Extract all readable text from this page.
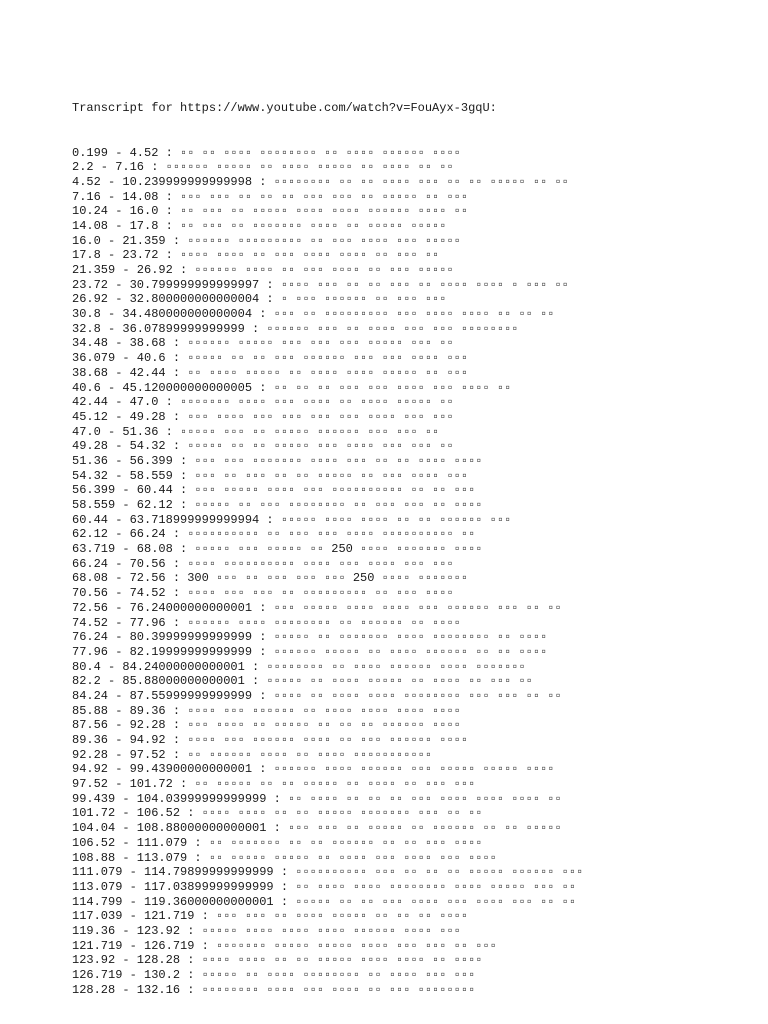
Transcript for https://www.youtube.com/watch?v=FouAyx-3gqU:

0.199 - 4.52 : ▫▫ ▫▫ ▫▫▫▫ ▫▫▫▫▫▫▫▫ ▫▫ ▫▫▫▫ ▫▫▫▫▫▫ ▫▫▫▫
2.2 - 7.16 : ▫▫▫▫▫▫ ▫▫▫▫▫ ▫▫ ▫▫▫▫ ▫▫▫▫▫ ▫▫ ▫▫▫▫ ▫▫ ▫▫
4.52 - 10.239999999999998 : ▫▫▫▫▫▫▫▫ ▫▫ ▫▫ ▫▫▫▫ ▫▫▫ ▫▫ ▫▫ ▫▫▫▫▫ ▫▫ ▫▫
7.16 - 14.08 : ▫▫▫ ▫▫▫ ▫▫ ▫▫ ▫▫ ▫▫▫ ▫▫▫ ▫▫ ▫▫▫▫▫ ▫▫ ▫▫▫
10.24 - 16.0 : ▫▫ ▫▫▫ ▫▫ ▫▫▫▫▫ ▫▫▫▫ ▫▫▫▫ ▫▫▫▫▫▫ ▫▫▫▫ ▫▫
14.08 - 17.8 : ▫▫ ▫▫▫ ▫▫ ▫▫▫▫▫▫▫ ▫▫▫▫ ▫▫ ▫▫▫▫▫ ▫▫▫▫▫
16.0 - 21.359 : ▫▫▫▫▫▫ ▫▫▫▫▫▫▫▫▫ ▫▫ ▫▫▫ ▫▫▫▫ ▫▫▫ ▫▫▫▫▫
17.8 - 23.72 : ▫▫▫▫ ▫▫▫▫ ▫▫ ▫▫▫ ▫▫▫▫ ▫▫▫▫ ▫▫ ▫▫▫ ▫▫
21.359 - 26.92 : ▫▫▫▫▫▫ ▫▫▫▫ ▫▫ ▫▫▫ ▫▫▫▫ ▫▫ ▫▫▫ ▫▫▫▫▫
23.72 - 30.799999999999997 : ▫▫▫▫ ▫▫▫ ▫▫ ▫▫ ▫▫▫ ▫▫ ▫▫▫▫ ▫▫▫▫ ▫ ▫▫▫ ▫▫
26.92 - 32.800000000000004 : ▫ ▫▫▫ ▫▫▫▫▫▫ ▫▫ ▫▫▫ ▫▫▫
30.8 - 34.480000000000004 : ▫▫▫ ▫▫ ▫▫▫▫▫▫▫▫▫ ▫▫▫ ▫▫▫▫ ▫▫▫▫ ▫▫ ▫▫ ▫▫
32.8 - 36.07899999999999 : ▫▫▫▫▫▫ ▫▫▫ ▫▫ ▫▫▫▫ ▫▫▫ ▫▫▫ ▫▫▫▫▫▫▫▫
34.48 - 38.68 : ▫▫▫▫▫▫ ▫▫▫▫▫ ▫▫▫ ▫▫▫ ▫▫▫ ▫▫▫▫▫ ▫▫▫ ▫▫
36.079 - 40.6 : ▫▫▫▫▫ ▫▫ ▫▫ ▫▫▫ ▫▫▫▫▫▫ ▫▫▫ ▫▫▫ ▫▫▫▫ ▫▫▫
38.68 - 42.44 : ▫▫ ▫▫▫▫ ▫▫▫▫▫ ▫▫ ▫▫▫▫ ▫▫▫▫ ▫▫▫▫▫ ▫▫ ▫▫▫
40.6 - 45.120000000000005 : ▫▫ ▫▫ ▫▫ ▫▫▫ ▫▫▫ ▫▫▫▫ ▫▫▫ ▫▫▫▫ ▫▫
42.44 - 47.0 : ▫▫▫▫▫▫▫ ▫▫▫▫ ▫▫▫ ▫▫▫▫ ▫▫ ▫▫▫▫ ▫▫▫▫▫ ▫▫
45.12 - 49.28 : ▫▫▫ ▫▫▫▫ ▫▫▫ ▫▫▫ ▫▫▫ ▫▫▫ ▫▫▫▫ ▫▫▫ ▫▫▫
47.0 - 51.36 : ▫▫▫▫▫ ▫▫▫ ▫▫ ▫▫▫▫▫ ▫▫▫▫▫▫ ▫▫▫ ▫▫▫ ▫▫
49.28 - 54.32 : ▫▫▫▫▫ ▫▫ ▫▫ ▫▫▫▫▫ ▫▫▫ ▫▫▫▫ ▫▫▫ ▫▫▫ ▫▫
51.36 - 56.399 : ▫▫▫ ▫▫▫ ▫▫▫▫▫▫▫ ▫▫▫▫ ▫▫▫ ▫▫ ▫▫ ▫▫▫▫ ▫▫▫▫
54.32 - 58.559 : ▫▫▫ ▫▫ ▫▫▫ ▫▫ ▫▫ ▫▫▫▫▫ ▫▫ ▫▫▫ ▫▫▫▫ ▫▫▫
56.399 - 60.44 : ▫▫▫ ▫▫▫▫▫ ▫▫▫▫ ▫▫▫ ▫▫▫▫▫▫▫▫▫▫ ▫▫ ▫▫ ▫▫▫
58.559 - 62.12 : ▫▫▫▫▫ ▫▫ ▫▫▫ ▫▫▫▫▫▫▫▫ ▫▫ ▫▫▫ ▫▫▫ ▫▫ ▫▫▫▫
60.44 - 63.718999999999994 : ▫▫▫▫▫ ▫▫▫▫ ▫▫▫▫ ▫▫ ▫▫ ▫▫▫▫▫▫ ▫▫▫
62.12 - 66.24 : ▫▫▫▫▫▫▫▫▫▫ ▫▫ ▫▫▫ ▫▫▫ ▫▫▫▫ ▫▫▫▫▫▫▫▫▫▫ ▫▫
63.719 - 68.08 : ▫▫▫▫▫ ▫▫▫ ▫▫▫▫▫ ▫▫ 250 ▫▫▫▫ ▫▫▫▫▫▫▫ ▫▫▫▫
66.24 - 70.56 : ▫▫▫▫ ▫▫▫▫▫▫▫▫▫▫ ▫▫▫▫ ▫▫▫ ▫▫▫▫ ▫▫▫ ▫▫▫
68.08 - 72.56 : 300 ▫▫▫ ▫▫ ▫▫▫ ▫▫▫ ▫▫▫ 250 ▫▫▫▫ ▫▫▫▫▫▫▫
70.56 - 74.52 : ▫▫▫▫ ▫▫▫ ▫▫▫ ▫▫ ▫▫▫▫▫▫▫▫▫ ▫▫ ▫▫▫ ▫▫▫▫
72.56 - 76.24000000000001 : ▫▫▫ ▫▫▫▫▫ ▫▫▫▫ ▫▫▫▫ ▫▫▫ ▫▫▫▫▫▫ ▫▫▫ ▫▫ ▫▫
74.52 - 77.96 : ▫▫▫▫▫▫ ▫▫▫▫ ▫▫▫▫▫▫▫▫ ▫▫ ▫▫▫▫▫▫ ▫▫ ▫▫▫▫
76.24 - 80.39999999999999 : ▫▫▫▫▫ ▫▫ ▫▫▫▫▫▫▫ ▫▫▫▫ ▫▫▫▫▫▫▫▫ ▫▫ ▫▫▫▫
77.96 - 82.19999999999999 : ▫▫▫▫▫▫ ▫▫▫▫▫ ▫▫ ▫▫▫▫ ▫▫▫▫▫▫ ▫▫ ▫▫ ▫▫▫▫
80.4 - 84.24000000000001 : ▫▫▫▫▫▫▫▫ ▫▫ ▫▫▫▫ ▫▫▫▫▫▫ ▫▫▫▫ ▫▫▫▫▫▫▫
82.2 - 85.88000000000001 : ▫▫▫▫▫ ▫▫ ▫▫▫▫ ▫▫▫▫▫ ▫▫ ▫▫▫▫ ▫▫ ▫▫▫ ▫▫
84.24 - 87.55999999999999 : ▫▫▫▫ ▫▫ ▫▫▫▫ ▫▫▫▫ ▫▫▫▫▫▫▫▫ ▫▫▫ ▫▫▫ ▫▫ ▫▫
85.88 - 89.36 : ▫▫▫▫ ▫▫▫ ▫▫▫▫▫▫ ▫▫ ▫▫▫▫ ▫▫▫▫ ▫▫▫▫ ▫▫▫▫
87.56 - 92.28 : ▫▫▫ ▫▫▫▫ ▫▫ ▫▫▫▫▫ ▫▫ ▫▫ ▫▫ ▫▫▫▫▫▫ ▫▫▫▫
89.36 - 94.92 : ▫▫▫▫ ▫▫▫ ▫▫▫▫▫▫ ▫▫▫▫ ▫▫ ▫▫▫ ▫▫▫▫▫▫ ▫▫▫▫
92.28 - 97.52 : ▫▫ ▫▫▫▫▫▫ ▫▫▫▫ ▫▫ ▫▫▫▫ ▫▫▫▫▫▫▫▫▫▫▫
94.92 - 99.43900000000001 : ▫▫▫▫▫▫ ▫▫▫▫ ▫▫▫▫▫▫ ▫▫▫ ▫▫▫▫▫ ▫▫▫▫▫ ▫▫▫▫
97.52 - 101.72 : ▫▫ ▫▫▫▫▫ ▫▫ ▫▫ ▫▫▫▫▫ ▫▫ ▫▫▫▫ ▫▫ ▫▫▫ ▫▫▫
99.439 - 104.03999999999999 : ▫▫ ▫▫▫▫ ▫▫ ▫▫ ▫▫ ▫▫▫ ▫▫▫▫ ▫▫▫▫ ▫▫▫▫ ▫▫
101.72 - 106.52 : ▫▫▫▫ ▫▫▫▫ ▫▫ ▫▫ ▫▫▫▫▫ ▫▫▫▫▫▫▫ ▫▫▫ ▫▫ ▫▫
104.04 - 108.88000000000001 : ▫▫▫ ▫▫▫ ▫▫ ▫▫▫▫▫ ▫▫ ▫▫▫▫▫▫ ▫▫ ▫▫ ▫▫▫▫▫
106.52 - 111.079 : ▫▫ ▫▫▫▫▫▫▫ ▫▫ ▫▫ ▫▫▫▫▫▫ ▫▫ ▫▫ ▫▫▫ ▫▫▫▫
108.88 - 113.079 : ▫▫ ▫▫▫▫▫ ▫▫▫▫▫ ▫▫ ▫▫▫▫ ▫▫▫ ▫▫▫▫ ▫▫▫ ▫▫▫▫
111.079 - 114.79899999999999 : ▫▫▫▫▫▫▫▫▫▫ ▫▫▫ ▫▫ ▫▫ ▫▫ ▫▫▫▫▫ ▫▫▫▫▫▫ ▫▫▫
113.079 - 117.03899999999999 : ▫▫ ▫▫▫▫ ▫▫▫▫ ▫▫▫▫▫▫▫▫ ▫▫▫▫ ▫▫▫▫▫ ▫▫▫ ▫▫
114.799 - 119.36000000000001 : ▫▫▫▫▫ ▫▫ ▫▫ ▫▫▫ ▫▫▫▫ ▫▫▫ ▫▫▫▫ ▫▫▫ ▫▫ ▫▫
117.039 - 121.719 : ▫▫▫ ▫▫▫ ▫▫ ▫▫▫▫ ▫▫▫▫▫ ▫▫ ▫▫ ▫▫ ▫▫▫▫
119.36 - 123.92 : ▫▫▫▫▫ ▫▫▫▫ ▫▫▫▫ ▫▫▫▫ ▫▫▫▫▫▫ ▫▫▫▫ ▫▫▫
121.719 - 126.719 : ▫▫▫▫▫▫▫ ▫▫▫▫▫ ▫▫▫▫▫ ▫▫▫▫ ▫▫▫ ▫▫▫ ▫▫ ▫▫▫
123.92 - 128.28 : ▫▫▫▫ ▫▫▫▫ ▫▫ ▫▫ ▫▫▫▫▫ ▫▫▫▫ ▫▫▫▫ ▫▫ ▫▫▫▫
126.719 - 130.2 : ▫▫▫▫▫ ▫▫ ▫▫▫▫ ▫▫▫▫▫▫▫▫ ▫▫ ▫▫▫▫ ▫▫▫ ▫▫▫
128.28 - 132.16 : ▫▫▫▫▫▫▫▫ ▫▫▫▫ ▫▫▫ ▫▫▫▫ ▫▫ ▫▫▫ ▫▫▫▫▫▫▫▫
